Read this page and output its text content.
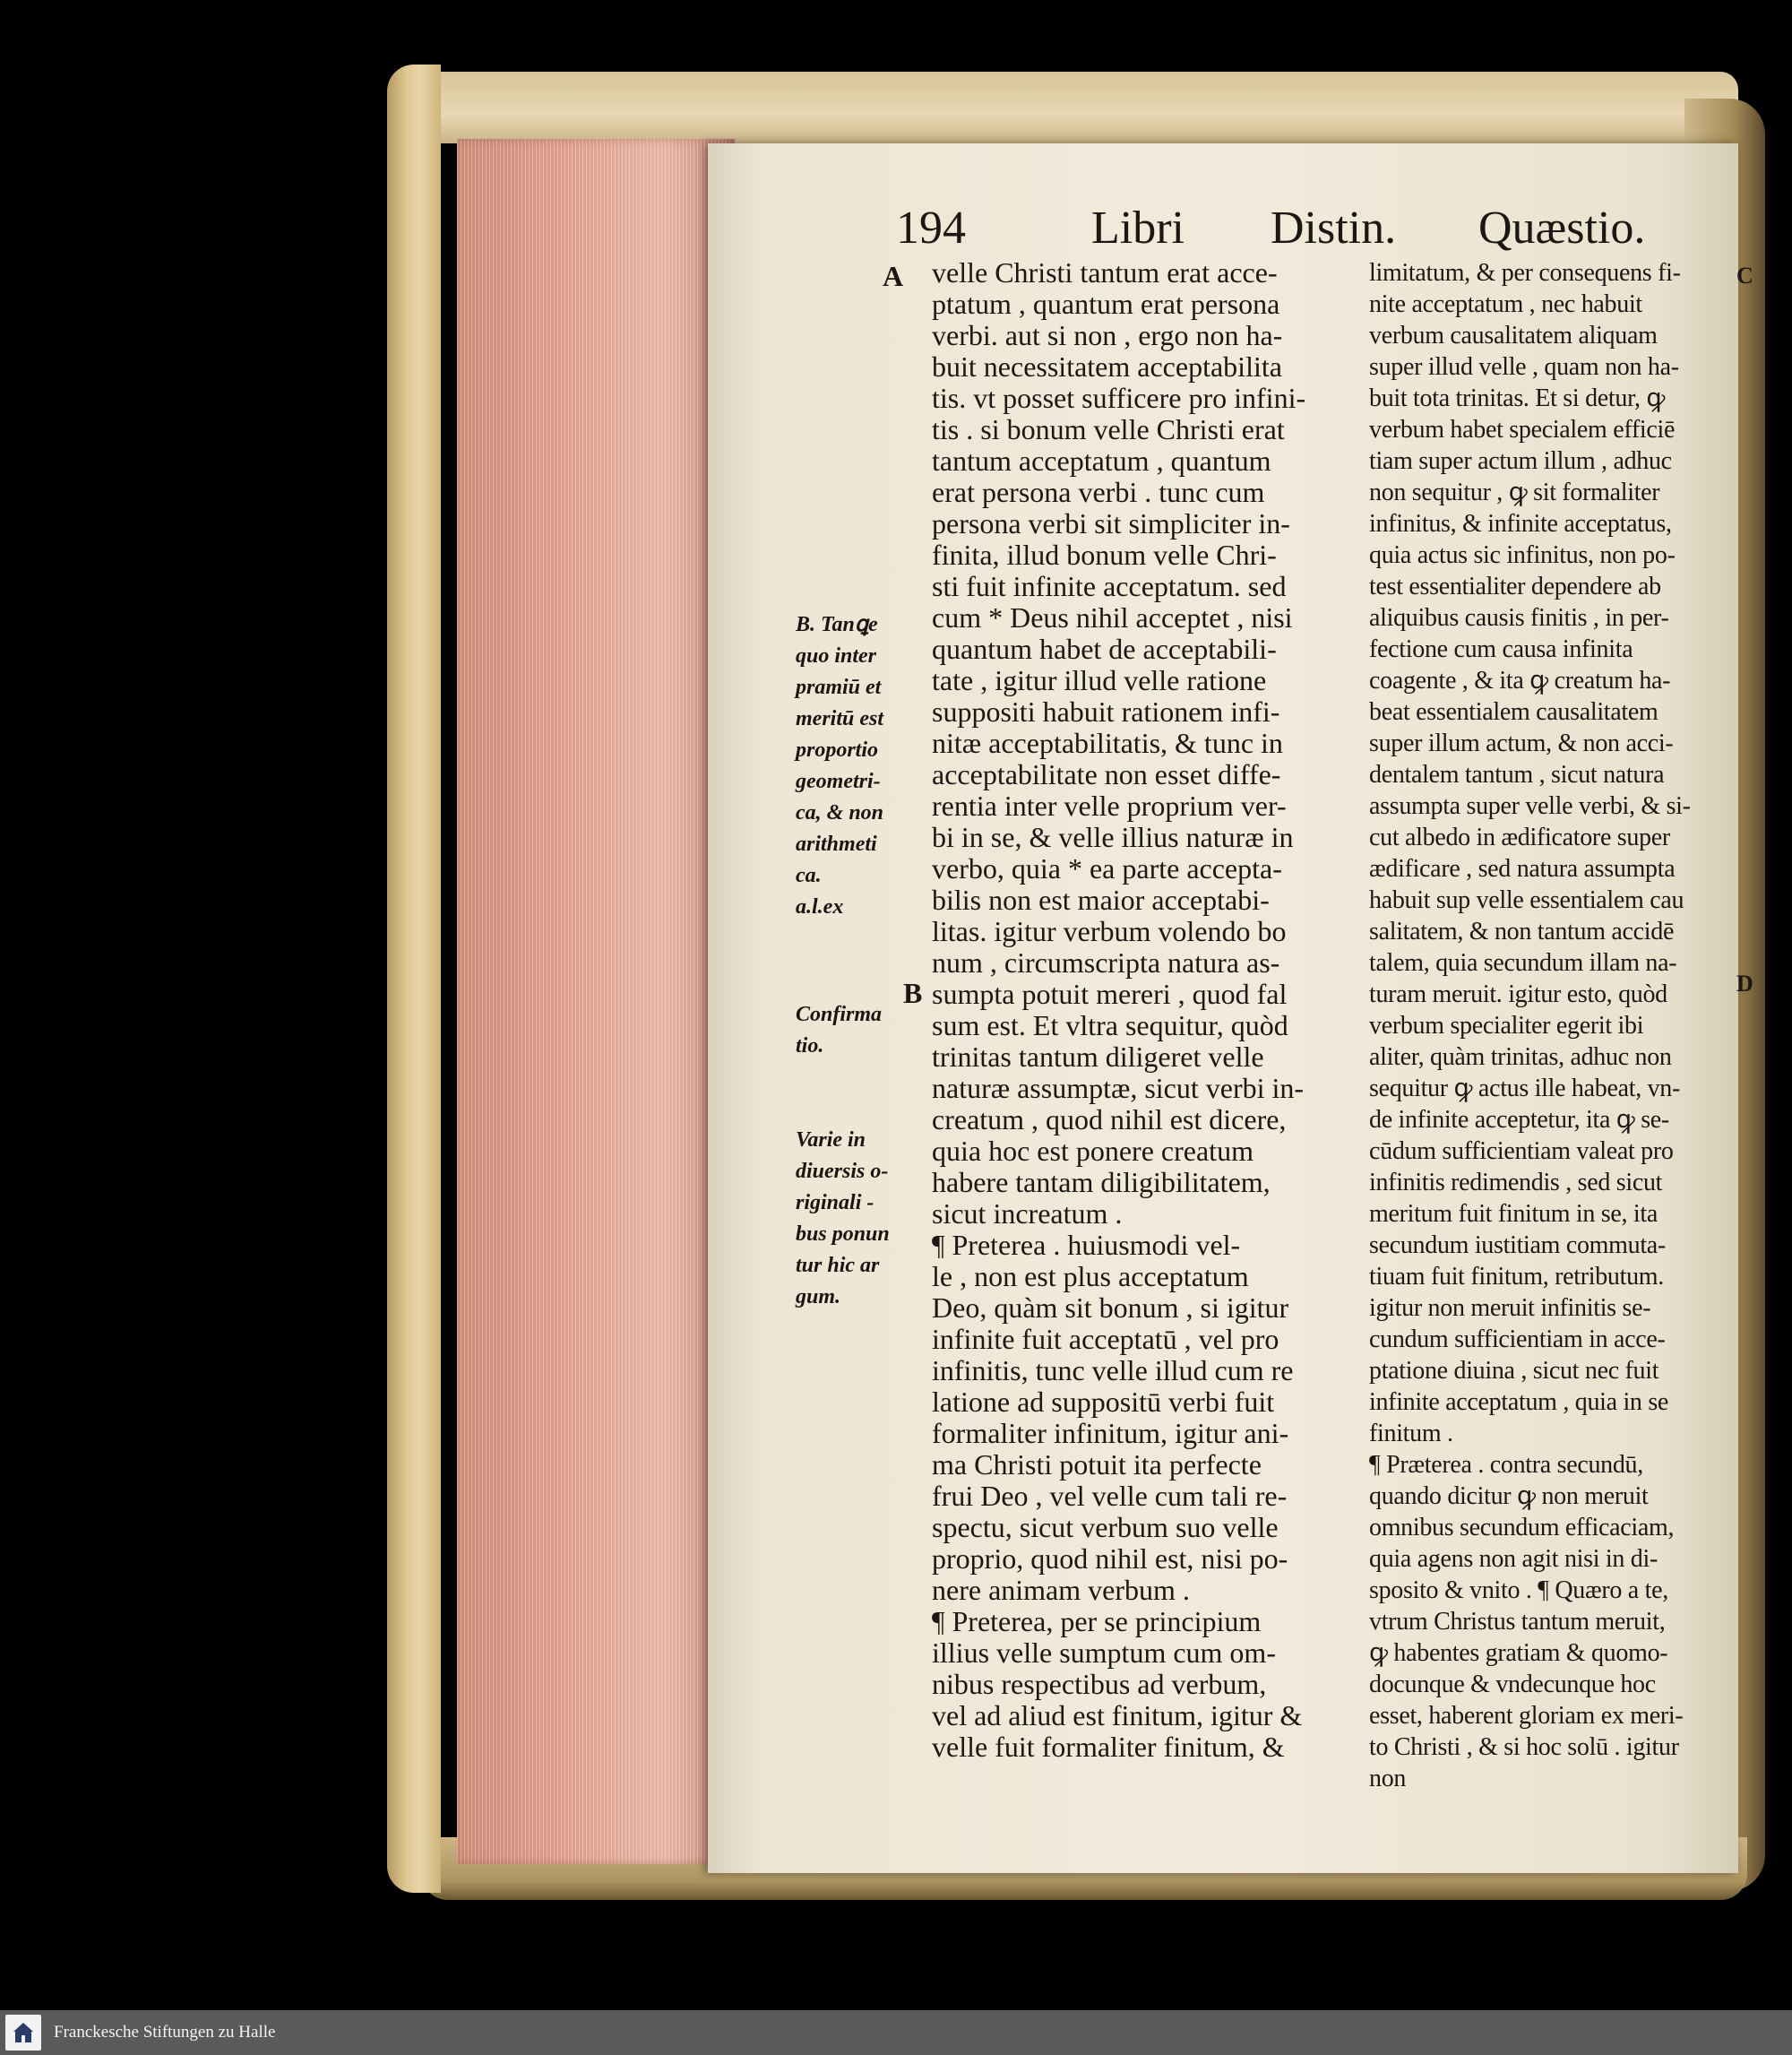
194	Libri Distin. Quæstio.
A
B
C
D
velle Christi tantum erat acce-
ptatum , quantum erat persona
verbi. aut si non , ergo non ha-
buit necessitatem acceptabilita
tis. vt posset sufficere pro infini-
tis . si bonum velle Christi erat
tantum acceptatum , quantum
erat persona verbi . tunc cum
persona verbi sit simpliciter in-
finita, illud bonum velle Chri-
sti fuit infinite acceptatum. sed
cum * Deus nihil acceptet , nisi
quantum habet de acceptabili-
tate , igitur illud velle ratione
suppositi habuit rationem infi-
nitæ acceptabilitatis, & tunc in
acceptabilitate non esset diffe-
rentia inter velle proprium ver-
bi in se, & velle illius naturæ in
verbo, quia * ea parte accepta-
bilis non est maior acceptabi-
litas. igitur verbum volendo bo
num , circumscripta natura as-
sumpta potuit mereri , quod fal
sum est. Et vltra sequitur, quòd
trinitas tantum diligeret velle
naturæ assumptæ, sicut verbi in-
creatum , quod nihil est dicere,
quia hoc est ponere creatum
habere tantam diligibilitatem,
sicut increatum .
¶ Preterea . huiusmodi vel-
le , non est plus acceptatum
Deo, quàm sit bonum , si igitur
infinite fuit acceptatū , vel pro
infinitis, tunc velle illud cum re
latione ad suppositū verbi fuit
formaliter infinitum, igitur ani-
ma Christi potuit ita perfecte
frui Deo , vel velle cum tali re-
spectu, sicut verbum suo velle
proprio, quod nihil est, nisi po-
nere animam verbum .
¶ Preterea, per se principium
illius velle sumptum cum om-
nibus respectibus ad verbum,
vel ad aliud est finitum, igitur &
velle fuit formaliter finitum, &
limitatum, & per consequens fi-
nite acceptatum , nec habuit
verbum causalitatem aliquam
super illud velle , quam non ha-
buit tota trinitas. Et si detur, ꝙ
verbum habet specialem efficiē
tiam super actum illum , adhuc
non sequitur , ꝙ sit formaliter
infinitus, & infinite acceptatus,
quia actus sic infinitus, non po-
test essentialiter dependere ab
aliquibus causis finitis , in per-
fectione cum causa infinita
coagente , & ita ꝙ creatum ha-
beat essentialem causalitatem
super illum actum, & non acci-
dentalem tantum , sicut natura
assumpta super velle verbi, & si-
cut albedo in ædificatore super
ædificare , sed natura assumpta
habuit sup velle essentialem cau
salitatem, & non tantum accidē
talem, quia secundum illam na-
turam meruit. igitur esto, quòd
verbum specialiter egerit ibi
aliter, quàm trinitas, adhuc non
sequitur ꝙ actus ille habeat, vn-
de infinite acceptetur, ita ꝙ se-
cūdum sufficientiam valeat pro
infinitis redimendis , sed sicut
meritum fuit finitum in se, ita
secundum iustitiam commuta-
tiuam fuit finitum, retributum.
igitur non meruit infinitis se-
cundum sufficientiam in acce-
ptatione diuina , sicut nec fuit
infinite acceptatum , quia in se
finitum .
¶ Præterea . contra secundū,
quando dicitur ꝙ non meruit
omnibus secundum efficaciam,
quia agens non agit nisi in di-
sposito & vnito . ¶ Quæro a te,
vtrum Christus tantum meruit,
ꝙ habentes gratiam & quomo-
docunque & vndecunque hoc
esset, haberent gloriam ex meri-
to Christi , & si hoc solū . igitur
non
B. Tanꝗe
quo inter
pramiū et
meritū est
proportio
geometri-
ca, & non
arithmeti
ca.
a.l.ex
Confirma
tio.
Varie in
diuersis o-
riginali -
bus ponun
tur hic ar
gum.
Franckesche Stiftungen zu Halle
